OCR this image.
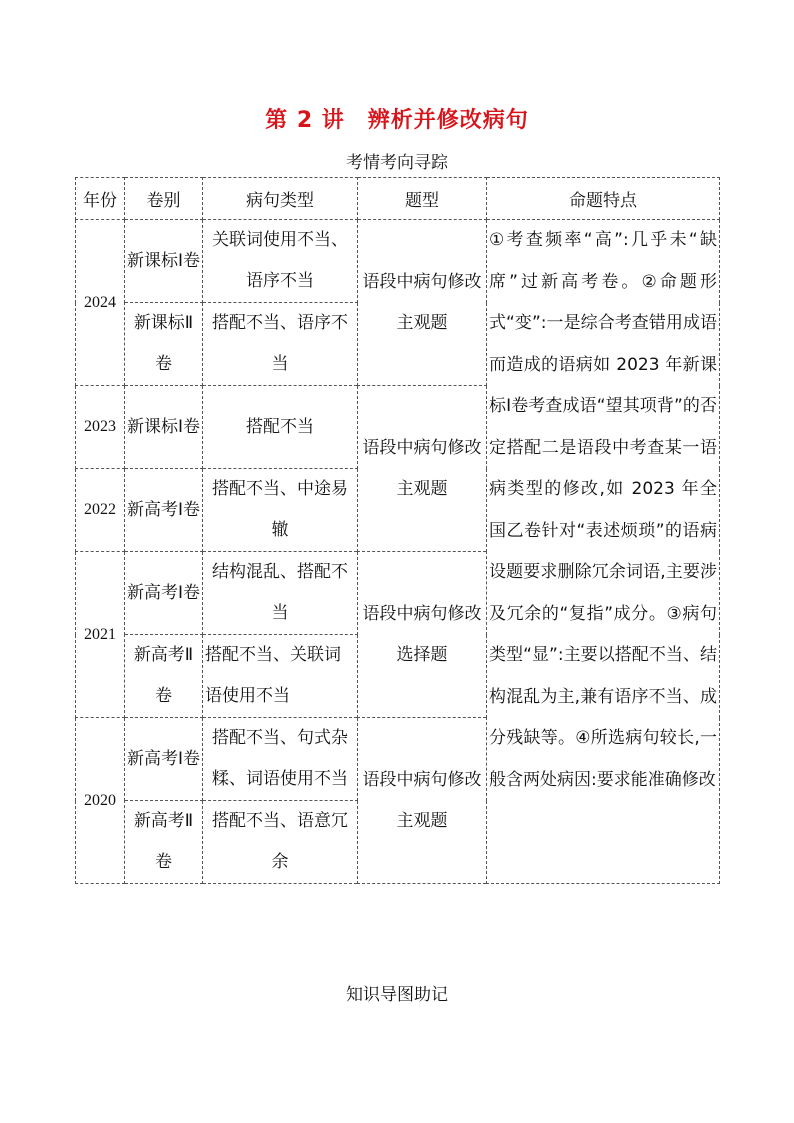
第 2 讲　辨析并修改病句
考情考向寻踪
年份	卷别	病句类型	题型	命题特点
2024	新课标Ⅰ卷	关联词使用不当、语序不当	语段中病句修改主观题	①考查频率“高”:几乎未“缺席”过新高考卷。②命题形式“变”:一是综合考查错用成语而造成的语病如 2023 年新课标Ⅰ卷考查成语“望其项背”的否定搭配二是语段中考查某一语病类型的修改,如 2023 年全国乙卷针对“表述烦琐”的语病设题要求删除冗余词语,主要涉及冗余的“复指”成分。③病句类型“显”:主要以搭配不当、结构混乱为主,兼有语序不当、成分残缺等。④所选病句较长,一般含两处病因:要求能准确修改
	新课标Ⅱ卷	搭配不当、语序不当		
2023	新课标Ⅰ卷	搭配不当	语段中病句修改主观题	
2022	新高考Ⅰ卷	搭配不当、中途易辙		
2021	新高考Ⅰ卷	结构混乱、搭配不当	语段中病句修改选择题	
	新高考Ⅱ卷	搭配不当、关联词语使用不当		
2020	新高考Ⅰ卷	搭配不当、句式杂糅、词语使用不当	语段中病句修改主观题	
	新高考Ⅱ卷	搭配不当、语意冗余		
知识导图助记
